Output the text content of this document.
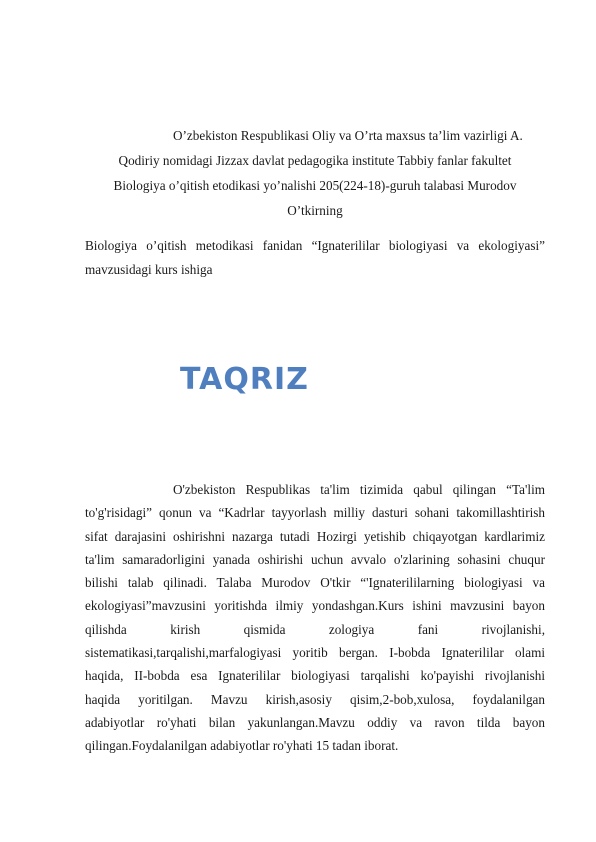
O’zbekiston Respublikasi Oliy va O’rta maxsus ta’lim vazirligi A.
Qodiriy nomidagi Jizzax davlat pedagogika institute Tabbiy fanlar fakultet
Biologiya o’qitish etodikasi yo’nalishi 205(224-18)-guruh talabasi Murodov
O’tkirning
Biologiya o’qitish metodikasi fanidan “Ignaterililar biologiyasi va ekologiyasi”
mavzusidagi kurs ishiga
TAQRIZ
O'zbekiston Respublikas ta'lim tizimida qabul qilingan “Ta'lim
to'g'risidagi” qonun va “Kadrlar tayyorlash milliy dasturi sohani takomillashtirish
sifat darajasini oshirishni nazarga tutadi Hozirgi yetishib chiqayotgan kardlarimiz
ta'lim samaradorligini yanada oshirishi uchun avvalo o'zlarining sohasini chuqur
bilishi talab qilinadi. Talaba Murodov O'tkir “'Ignaterililarning biologiyasi va
ekologiyasi”mavzusini yoritishda ilmiy yondashgan.Kurs ishini mavzusini bayon
qilishda kirish qismida zologiya fani rivojlanishi,
sistematikasi,tarqalishi,marfalogiyasi yoritib bergan. I-bobda Ignaterililar olami
haqida, II-bobda esa Ignaterililar biologiyasi tarqalishi ko'payishi rivojlanishi
haqida yoritilgan. Mavzu kirish,asosiy qisim,2-bob,xulosa, foydalanilgan
adabiyotlar ro'yhati bilan yakunlangan.Mavzu oddiy va ravon tilda bayon
qilingan.Foydalanilgan adabiyotlar ro'yhati 15 tadan iborat.
